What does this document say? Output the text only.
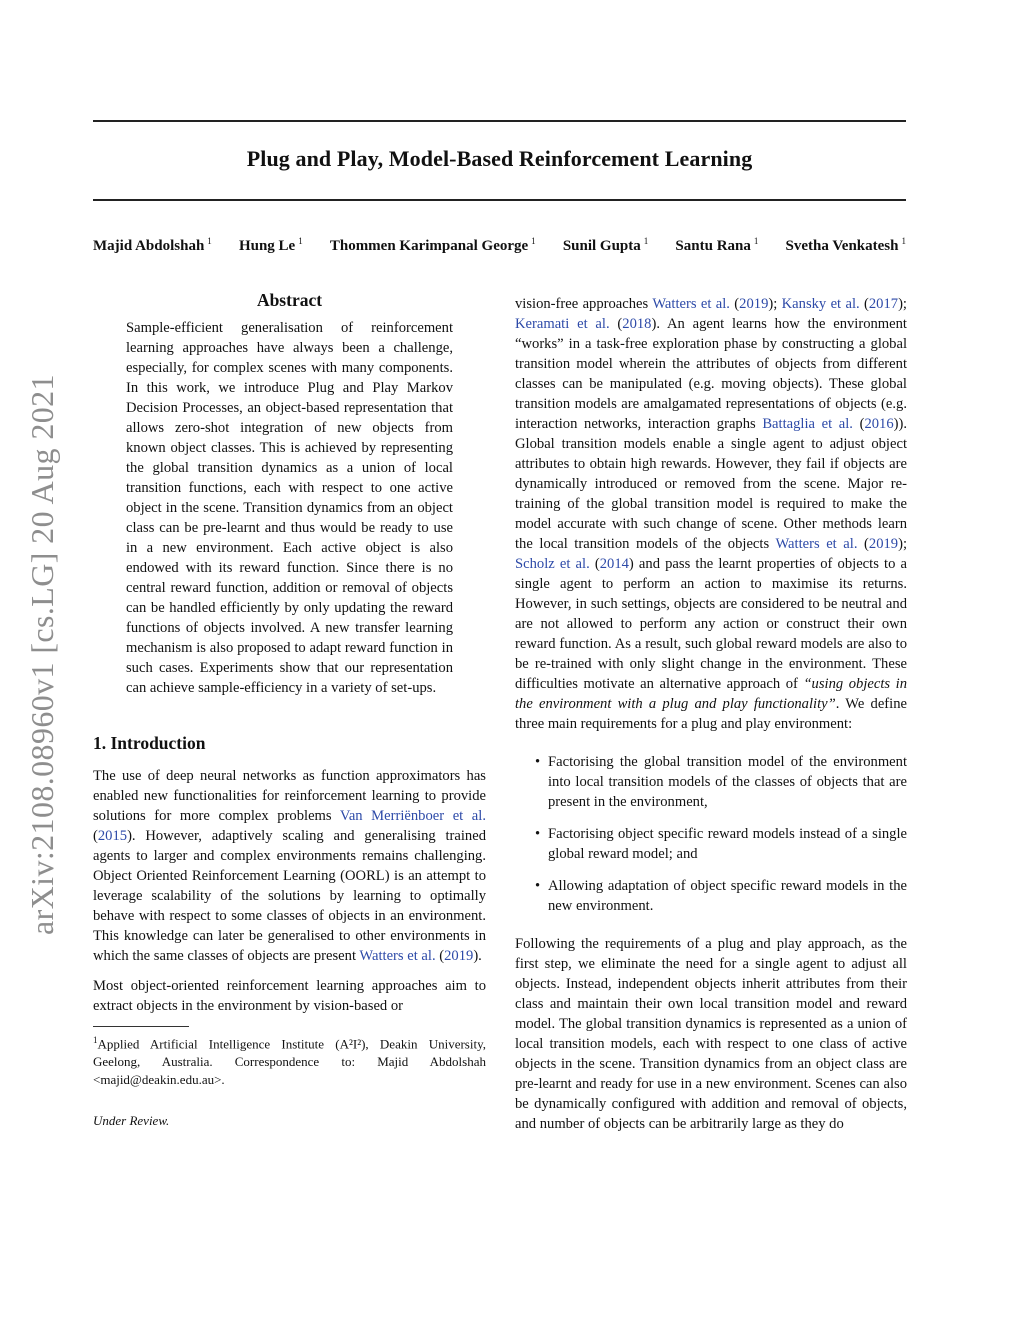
Plug and Play, Model-Based Reinforcement Learning
Majid Abdolshah $^1$ Hung Le $^1$ Thommen Karimpanal George $^1$ Sunil Gupta $^1$ Santu Rana $^1$ Svetha Venkatesh $^1$
arXiv:2108.08960v1 [cs.LG] 20 Aug 2021
Abstract
Sample-efficient generalisation of reinforcement learning approaches have always been a challenge, especially, for complex scenes with many components. In this work, we introduce Plug and Play Markov Decision Processes, an object-based representation that allows zero-shot integration of new objects from known object classes. This is achieved by representing the global transition dynamics as a union of local transition functions, each with respect to one active object in the scene. Transition dynamics from an object class can be pre-learnt and thus would be ready to use in a new environment. Each active object is also endowed with its reward function. Since there is no central reward function, addition or removal of objects can be handled efficiently by only updating the reward functions of objects involved. A new transfer learning mechanism is also proposed to adapt reward function in such cases. Experiments show that our representation can achieve sample-efficiency in a variety of set-ups.
1. Introduction

The use of deep neural networks as function approximators has enabled new functionalities for reinforcement learning to provide solutions for more complex problems Van Merriënboer et al. (2015). However, adaptively scaling and generalising trained agents to larger and complex environments remains challenging. Object Oriented Reinforcement Learning (OORL) is an attempt to leverage scalability of the solutions by learning to optimally behave with respect to some classes of objects in an environment. This knowledge can later be generalised to other environments in which the same classes of objects are present Watters et al. (2019).

Most object-oriented reinforcement learning approaches aim to extract objects in the environment by vision-based or

$^1$Applied Artificial Intelligence Institute (A²I²), Deakin University, Geelong, Australia. Correspondence to: Majid Abdolshah <majid@deakin.edu.au>.

Under Review.

vision-free approaches Watters et al. (2019); Kansky et al. (2017); Keramati et al. (2018). An agent learns how the environment “works” in a task-free exploration phase by constructing a global transition model wherein the attributes of objects from different classes can be manipulated (e.g. moving objects). These global transition models are amalgamated representations of objects (e.g. interaction networks, interaction graphs Battaglia et al. (2016)). Global transition models enable a single agent to adjust object attributes to obtain high rewards. However, they fail if objects are dynamically introduced or removed from the scene. Major re-training of the global transition model is required to make the model accurate with such change of scene. Other methods learn the local transition models of the objects Watters et al. (2019); Scholz et al. (2014) and pass the learnt properties of objects to a single agent to perform an action to maximise its returns. However, in such settings, objects are considered to be neutral and are not allowed to perform any action or construct their own reward function. As a result, such global reward models are also to be re-trained with only slight change in the environment. These difficulties motivate an alternative approach of “using objects in the environment with a plug and play functionality”. We define three main requirements for a plug and play environment:

• Factorising the global transition model of the environment into local transition models of the classes of objects that are present in the environment,
• Factorising object specific reward models instead of a single global reward model; and
• Allowing adaptation of object specific reward models in the new environment.

Following the requirements of a plug and play approach, as the first step, we eliminate the need for a single agent to adjust all objects. Instead, independent objects inherit attributes from their class and maintain their own local transition model and reward model. The global transition dynamics is represented as a union of local transition models, each with respect to one class of active objects in the scene. Transition dynamics from an object class are pre-learnt and ready for use in a new environment. Scenes can also be dynamically configured with addition and removal of objects, and number of objects can be arbitrarily large as they do
